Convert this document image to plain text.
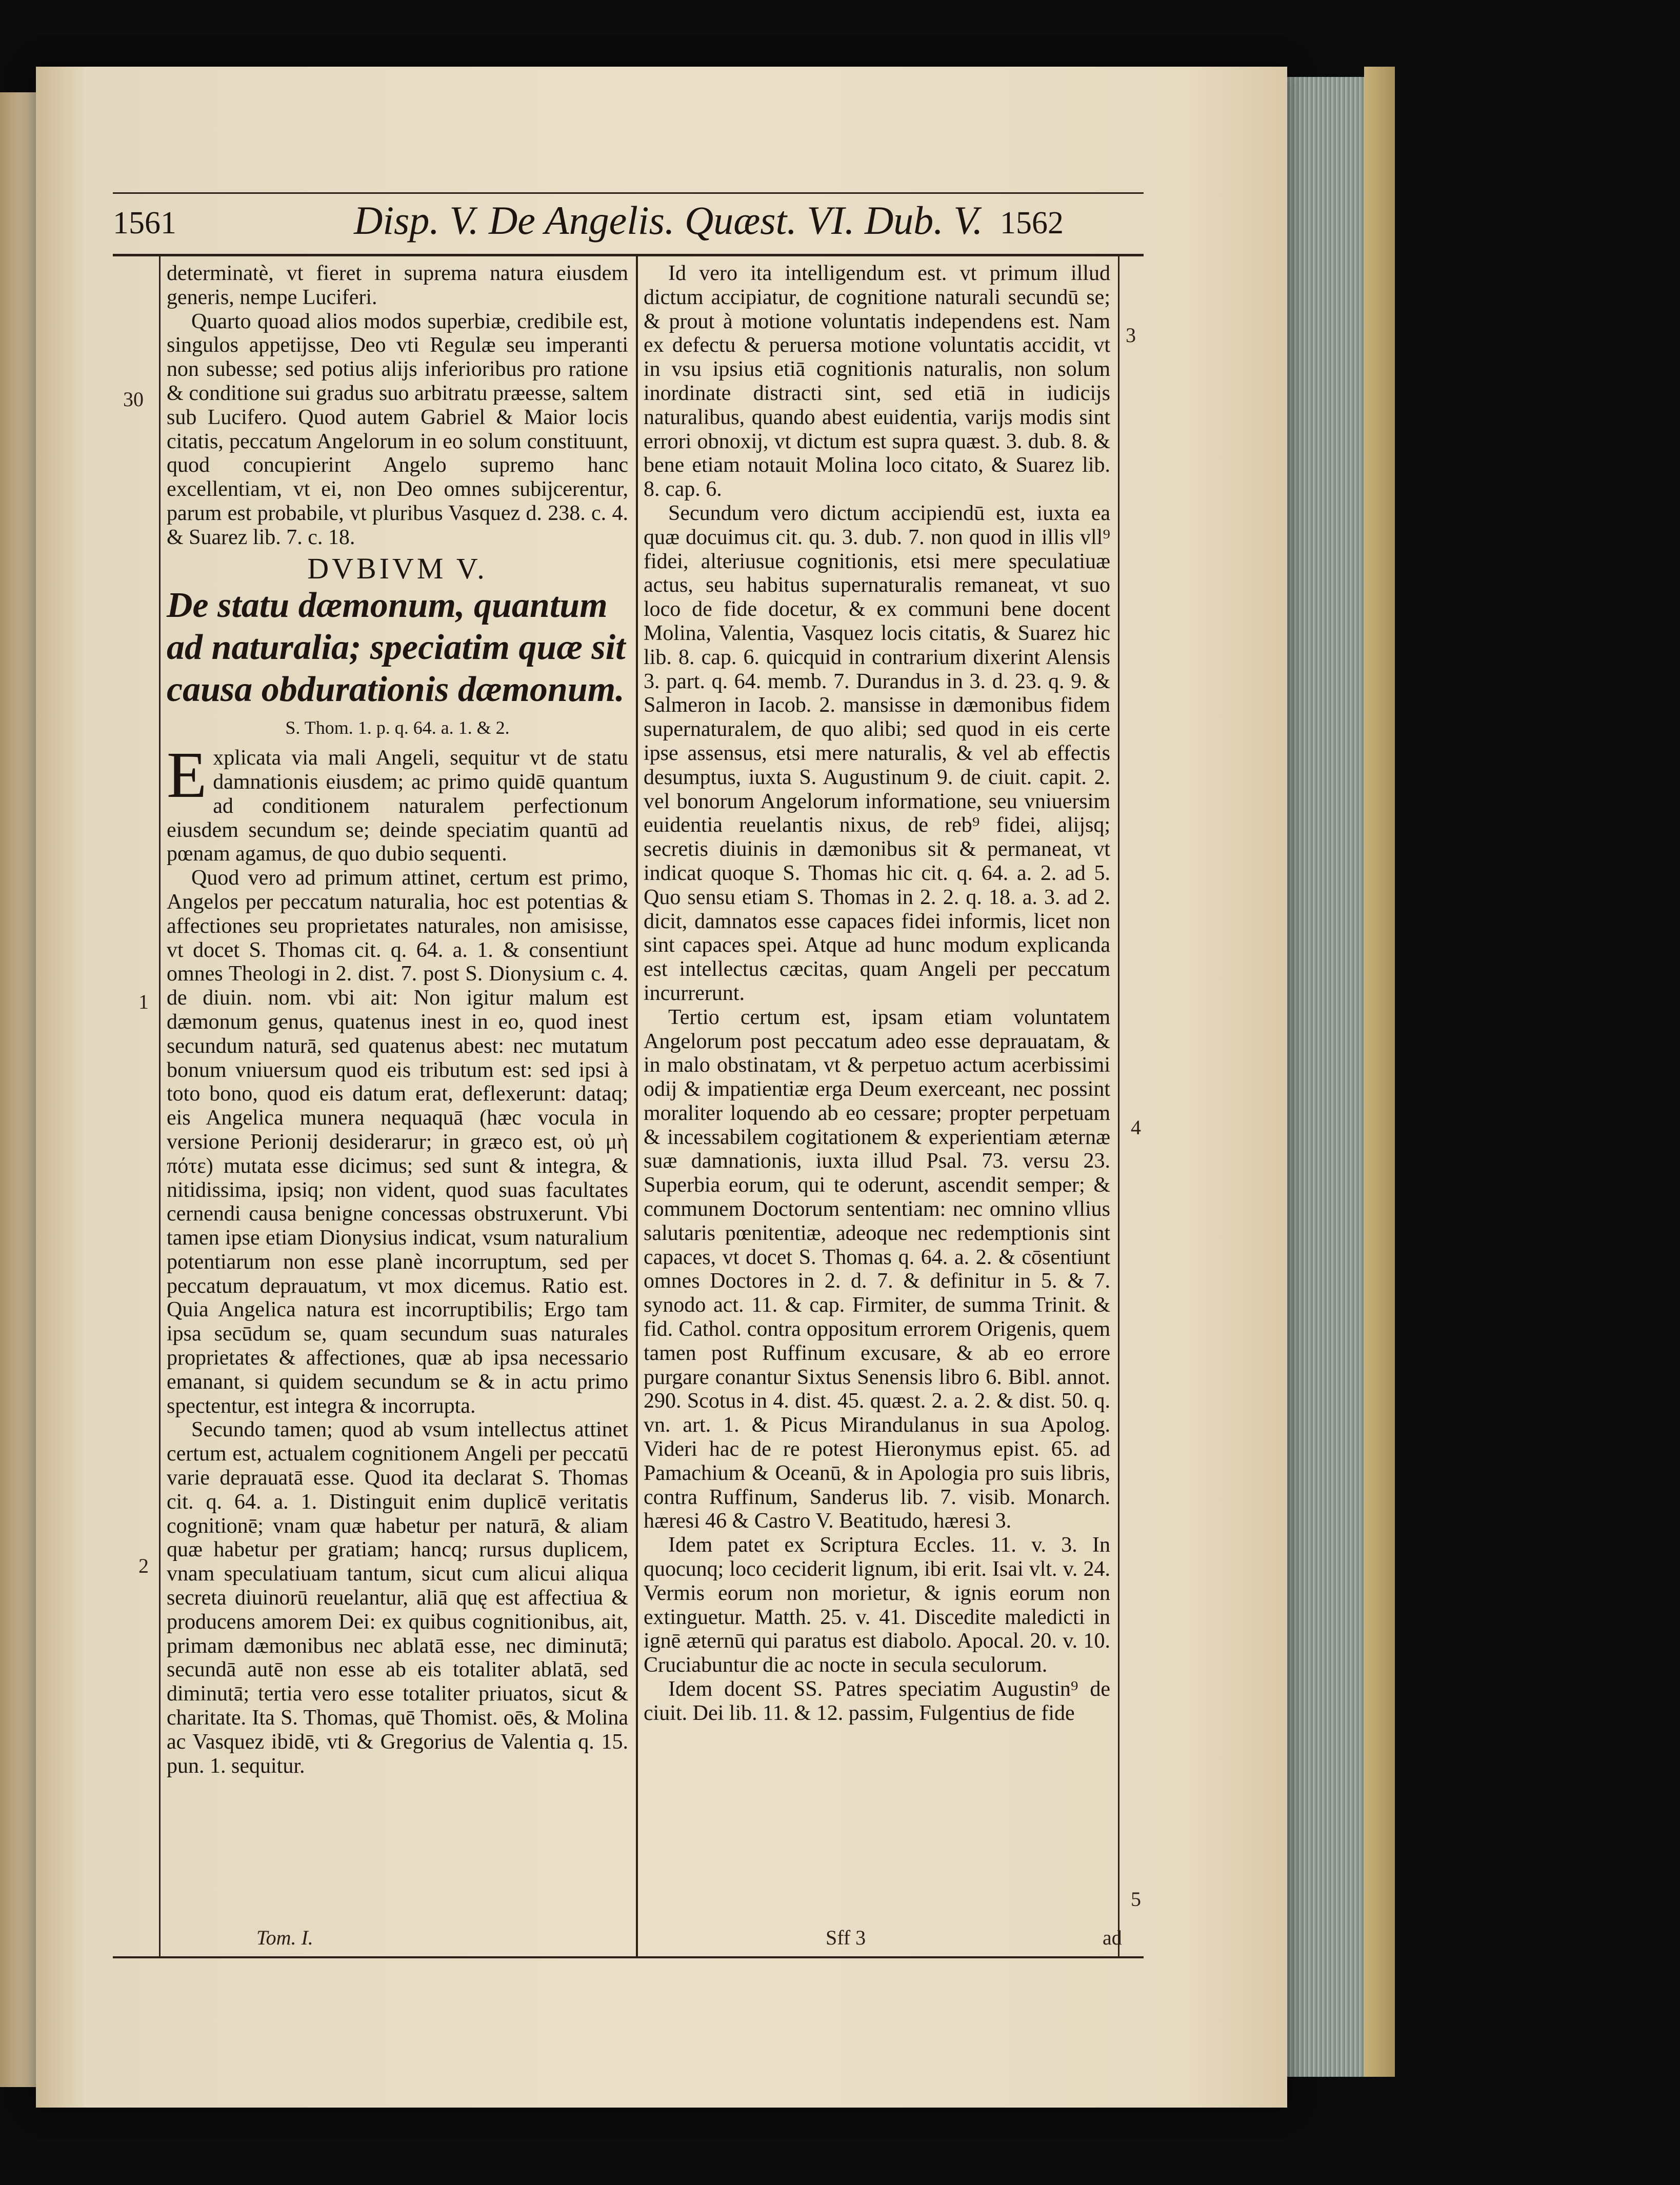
1561	Disp. V. De Angelis. Quæst. VI. Dub. V. 1562
30
1
2
3
4
5

determinatè, vt fieret in suprema natura eiusdem generis, nempe Luciferi.

Quarto quoad alios modos superbiæ, credibile est, singulos appetijsse, Deo vti Regulæ seu imperanti non subesse; sed potius alijs inferioribus pro ratione & conditione sui gradus suo arbitratu præesse, saltem sub Lucifero. Quod autem Gabriel & Maior locis citatis, peccatum Angelorum in eo solum constituunt, quod concupierint Angelo supremo hanc excellentiam, vt ei, non Deo omnes subijcerentur, parum est probabile, vt pluribus Vasquez d. 238. c. 4. & Suarez lib. 7. c. 18.

DVBIVM V.
De statu dæmonum, quantum ad naturalia; speciatim quæ sit causa obdurationis dæmonum.
S. Thom. 1. p. q. 64. a. 1. & 2.

Explicata via mali Angeli, sequitur vt de statu damnationis eiusdem; ac primo quidē quantum ad conditionem naturalem perfectionum eiusdem secundum se; deinde speciatim quantū ad pœnam agamus, de quo dubio sequenti.

Quod vero ad primum attinet, certum est primo, Angelos per peccatum naturalia, hoc est potentias & affectiones seu proprietates naturales, non amisisse, vt docet S. Thomas cit. q. 64. a. 1. & consentiunt omnes Theologi in 2. dist. 7. post S. Dionysium c. 4. de diuin. nom. vbi ait: Non igitur malum est dæmonum genus, quatenus inest in eo, quod inest secundum naturā, sed quatenus abest: nec mutatum bonum vniuersum quod eis tributum est: sed ipsi à toto bono, quod eis datum erat, deflexerunt: dataq; eis Angelica munera nequaquā (hæc vocula in versione Perionij desiderarur; in græco est, οὐ μὴ πότε) mutata esse dicimus; sed sunt & integra, & nitidissima, ipsiq; non vident, quod suas facultates cernendi causa benigne concessas obstruxerunt. Vbi tamen ipse etiam Dionysius indicat, vsum naturalium potentiarum non esse planè incorruptum, sed per peccatum deprauatum, vt mox dicemus. Ratio est. Quia Angelica natura est incorruptibilis; Ergo tam ipsa secūdum se, quam secundum suas naturales proprietates & affectiones, quæ ab ipsa necessario emanant, si quidem secundum se & in actu primo spectentur, est integra & incorrupta.

Secundo tamen; quod ab vsum intellectus attinet certum est, actualem cognitionem Angeli per peccatū varie deprauatā esse. Quod ita declarat S. Thomas cit. q. 64. a. 1. Distinguit enim duplicē veritatis cognitionē; vnam quæ habetur per naturā, & aliam quæ habetur per gratiam; hancq; rursus duplicem, vnam speculatiuam tantum, sicut cum alicui aliqua secreta diuinorū reuelantur, aliā quę est affectiua & producens amorem Dei: ex quibus cognitionibus, ait, primam dæmonibus nec ablatā esse, nec diminutā; secundā autē non esse ab eis totaliter ablatā, sed diminutā; tertia vero esse totaliter priuatos, sicut & charitate. Ita S. Thomas, quē Thomist. oēs, & Molina ac Vasquez ibidē, vti & Gregorius de Valentia q. 15. pun. 1. sequitur.

Id vero ita intelligendum est. vt primum illud dictum accipiatur, de cognitione naturali secundū se; & prout à motione voluntatis independens est. Nam ex defectu & peruersa motione voluntatis accidit, vt in vsu ipsius etiā cognitionis naturalis, non solum inordinate distracti sint, sed etiā in iudicijs naturalibus, quando abest euidentia, varijs modis sint errori obnoxij, vt dictum est supra quæst. 3. dub. 8. & bene etiam notauit Molina loco citato, & Suarez lib. 8. cap. 6.

Secundum vero dictum accipiendū est, iuxta ea quæ docuimus cit. qu. 3. dub. 7. non quod in illis vll⁹ fidei, alteriusue cognitionis, etsi mere speculatiuæ actus, seu habitus supernaturalis remaneat, vt suo loco de fide docetur, & ex communi bene docent Molina, Valentia, Vasquez locis citatis, & Suarez hic lib. 8. cap. 6. quicquid in contrarium dixerint Alensis 3. part. q. 64. memb. 7. Durandus in 3. d. 23. q. 9. & Salmeron in Iacob. 2. mansisse in dæmonibus fidem supernaturalem, de quo alibi; sed quod in eis certe ipse assensus, etsi mere naturalis, & vel ab effectis desumptus, iuxta S. Augustinum 9. de ciuit. capit. 2. vel bonorum Angelorum informatione, seu vniuersim euidentia reuelantis nixus, de reb⁹ fidei, alijsq; secretis diuinis in dæmonibus sit & permaneat, vt indicat quoque S. Thomas hic cit. q. 64. a. 2. ad 5. Quo sensu etiam S. Thomas in 2. 2. q. 18. a. 3. ad 2. dicit, damnatos esse capaces fidei informis, licet non sint capaces spei. Atque ad hunc modum explicanda est intellectus cæcitas, quam Angeli per peccatum incurrerunt.

Tertio certum est, ipsam etiam voluntatem Angelorum post peccatum adeo esse deprauatam, & in malo obstinatam, vt & perpetuo actum acerbissimi odij & impatientiæ erga Deum exerceant, nec possint moraliter loquendo ab eo cessare; propter perpetuam & incessabilem cogitationem & experientiam æternæ suæ damnationis, iuxta illud Psal. 73. versu 23. Superbia eorum, qui te oderunt, ascendit semper; & communem Doctorum sententiam: nec omnino vllius salutaris pœnitentiæ, adeoque nec redemptionis sint capaces, vt docet S. Thomas q. 64. a. 2. & cōsentiunt omnes Doctores in 2. d. 7. & definitur in 5. & 7. synodo act. 11. & cap. Firmiter, de summa Trinit. & fid. Cathol. contra oppositum errorem Origenis, quem tamen post Ruffinum excusare, & ab eo errore purgare conantur Sixtus Senensis libro 6. Bibl. annot. 290. Scotus in 4. dist. 45. quæst. 2. a. 2. & dist. 50. q. vn. art. 1. & Picus Mirandulanus in sua Apolog. Videri hac de re potest Hieronymus epist. 65. ad Pamachium & Oceanū, & in Apologia pro suis libris, contra Ruffinum, Sanderus lib. 7. visib. Monarch. hæresi 46 & Castro V. Beatitudo, hæresi 3.

Idem patet ex Scriptura Eccles. 11. v. 3. In quocunq; loco ceciderit lignum, ibi erit. Isai vlt. v. 24. Vermis eorum non morietur, & ignis eorum non extinguetur. Matth. 25. v. 41. Discedite maledicti in ignē æternū qui paratus est diabolo. Apocal. 20. v. 10. Cruciabuntur die ac nocte in secula seculorum.

Idem docent SS. Patres speciatim Augustin⁹ de ciuit. Dei lib. 11. & 12. passim, Fulgentius de fide

Tom. I.	Sff 3	ad
